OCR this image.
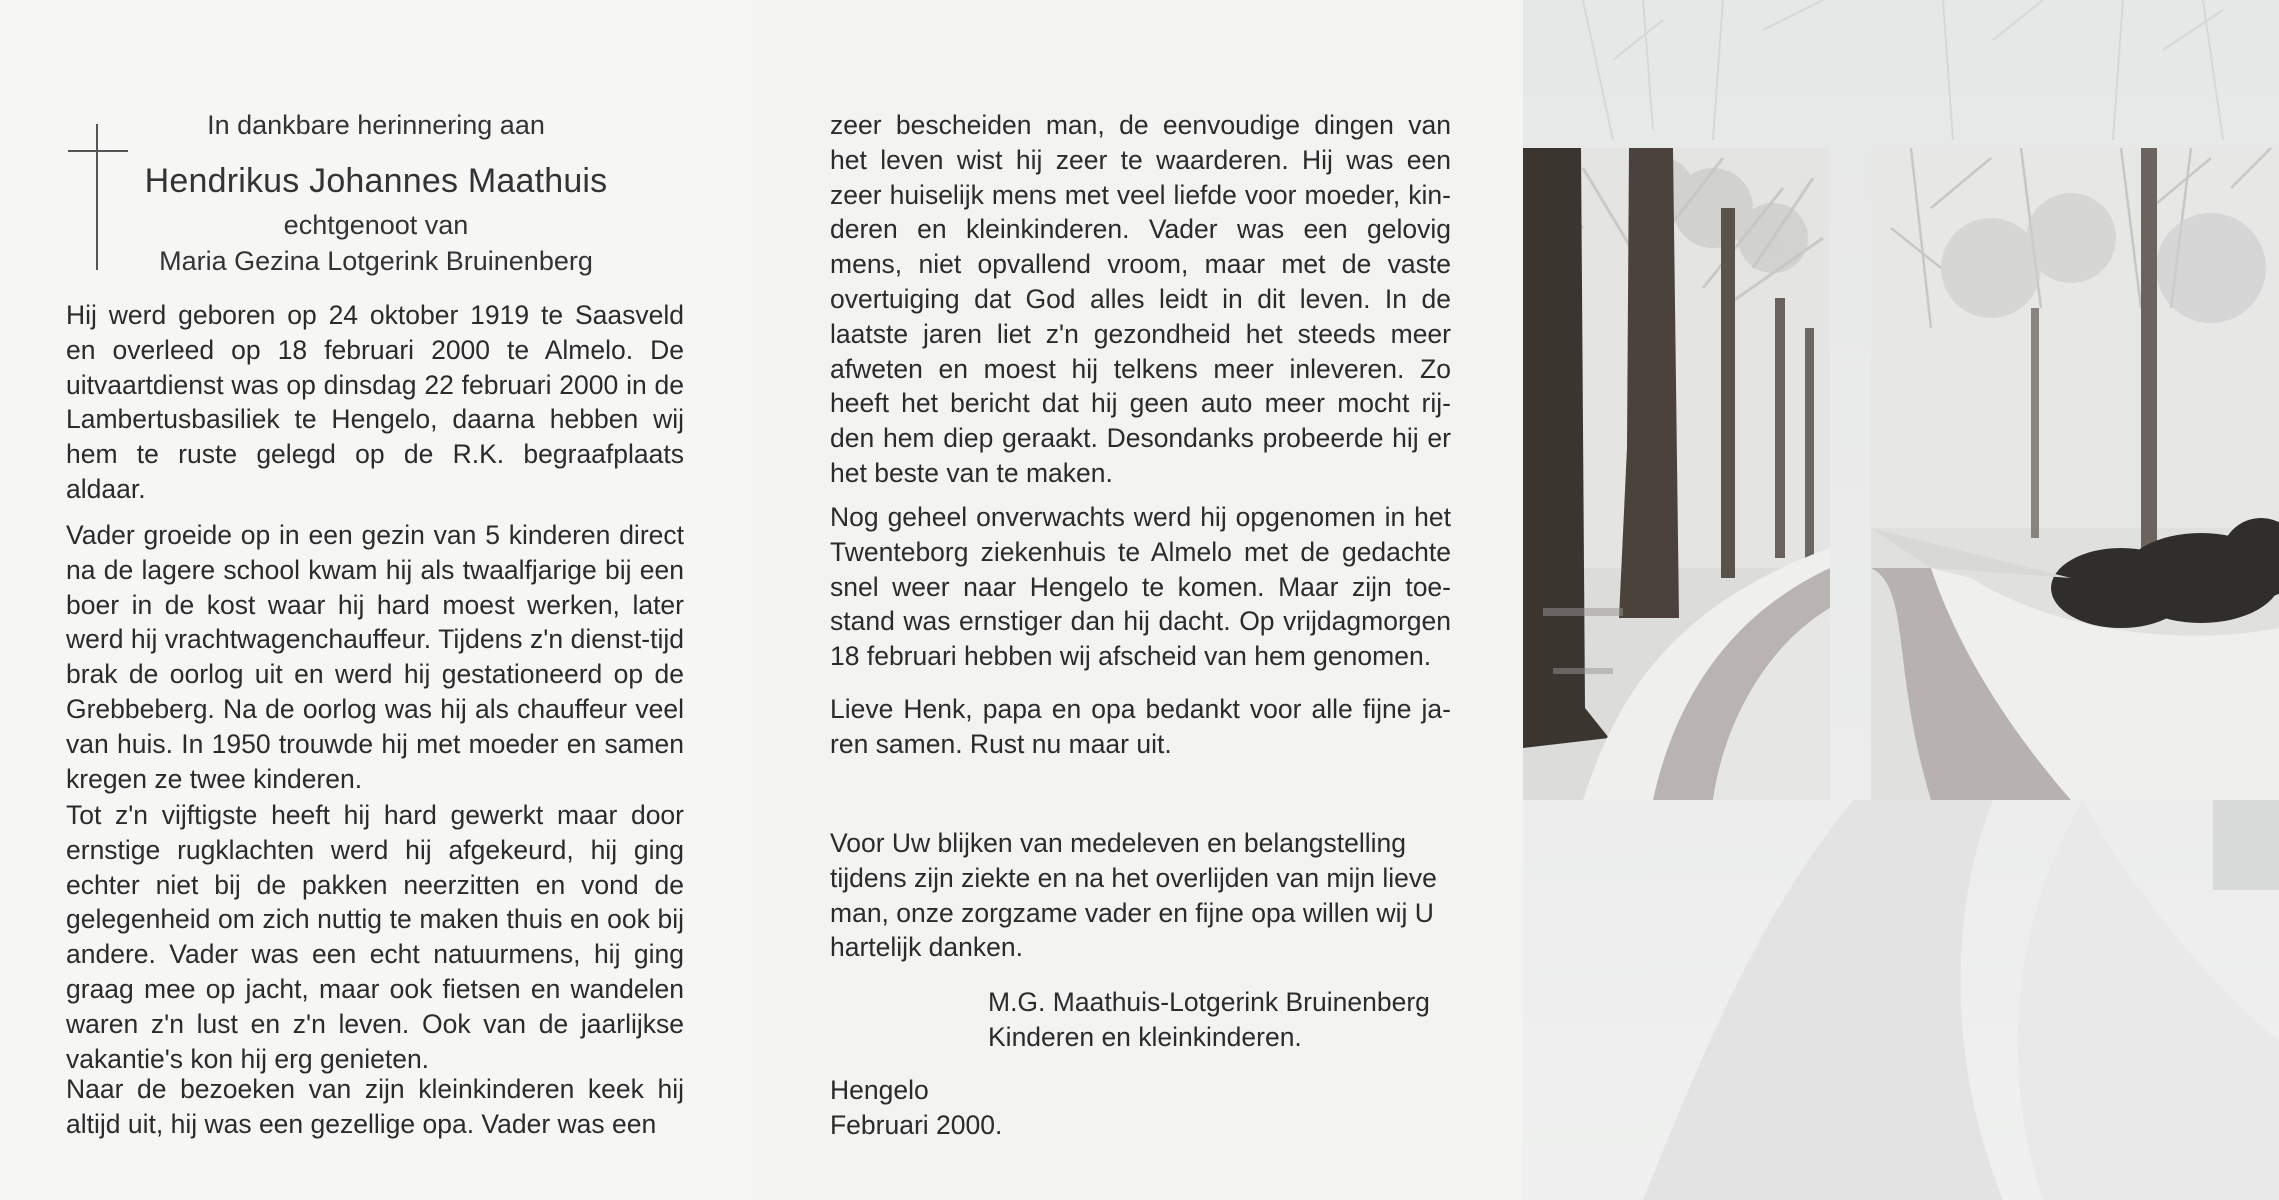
In dankbare herinnering aan
Hendrikus Johannes Maathuis
echtgenoot van
Maria Gezina Lotgerink Bruinenberg

Hij werd geboren op 24 oktober 1919 te Saasveld en overleed op 18 februari 2000 te Almelo. De uitvaartdienst was op dinsdag 22 februari 2000 in de Lambertusbasiliek te Hengelo, daarna hebben wij hem te ruste gelegd op de R.K. begraafplaats aldaar.

Vader groeide op in een gezin van 5 kinderen direct na de lagere school kwam hij als twaalfjarige bij een boer in de kost waar hij hard moest werken, later werd hij vrachtwagenchauffeur. Tijdens z'n dienst-tijd brak de oorlog uit en werd hij gestationeerd op de Grebbeberg. Na de oorlog was hij als chauffeur veel van huis. In 1950 trouwde hij met moeder en samen kregen ze twee kinderen.

Tot z'n vijftigste heeft hij hard gewerkt maar door ernstige rugklachten werd hij afgekeurd, hij ging echter niet bij de pakken neerzitten en vond de gelegenheid om zich nuttig te maken thuis en ook bij andere. Vader was een echt natuurmens, hij ging graag mee op jacht, maar ook fietsen en wandelen waren z'n lust en z'n leven. Ook van de jaarlijkse vakantie's kon hij erg genieten.

Naar de bezoeken van zijn kleinkinderen keek hij altijd uit, hij was een gezellige opa. Vader was een

zeer bescheiden man, de eenvoudige dingen van het leven wist hij zeer te waarderen. Hij was een zeer huiselijk mens met veel liefde voor moeder, kin-deren en kleinkinderen. Vader was een gelovig mens, niet opvallend vroom, maar met de vaste overtuiging dat God alles leidt in dit leven. In de laatste jaren liet z'n gezondheid het steeds meer afweten en moest hij telkens meer inleveren. Zo heeft het bericht dat hij geen auto meer mocht rij-den hem diep geraakt. Desondanks probeerde hij er het beste van te maken.

Nog geheel onverwachts werd hij opgenomen in het Twenteborg ziekenhuis te Almelo met de gedachte snel weer naar Hengelo te komen. Maar zijn toe-stand was ernstiger dan hij dacht. Op vrijdagmorgen 18 februari hebben wij afscheid van hem genomen.

Lieve Henk, papa en opa bedankt voor alle fijne ja-ren samen. Rust nu maar uit.

Voor Uw blijken van medeleven en belangstelling tijdens zijn ziekte en na het overlijden van mijn lieve man, onze zorgzame vader en fijne opa willen wij U hartelijk danken.

M.G. Maathuis-Lotgerink Bruinenberg
Kinderen en kleinkinderen.
Hengelo
Februari 2000.
